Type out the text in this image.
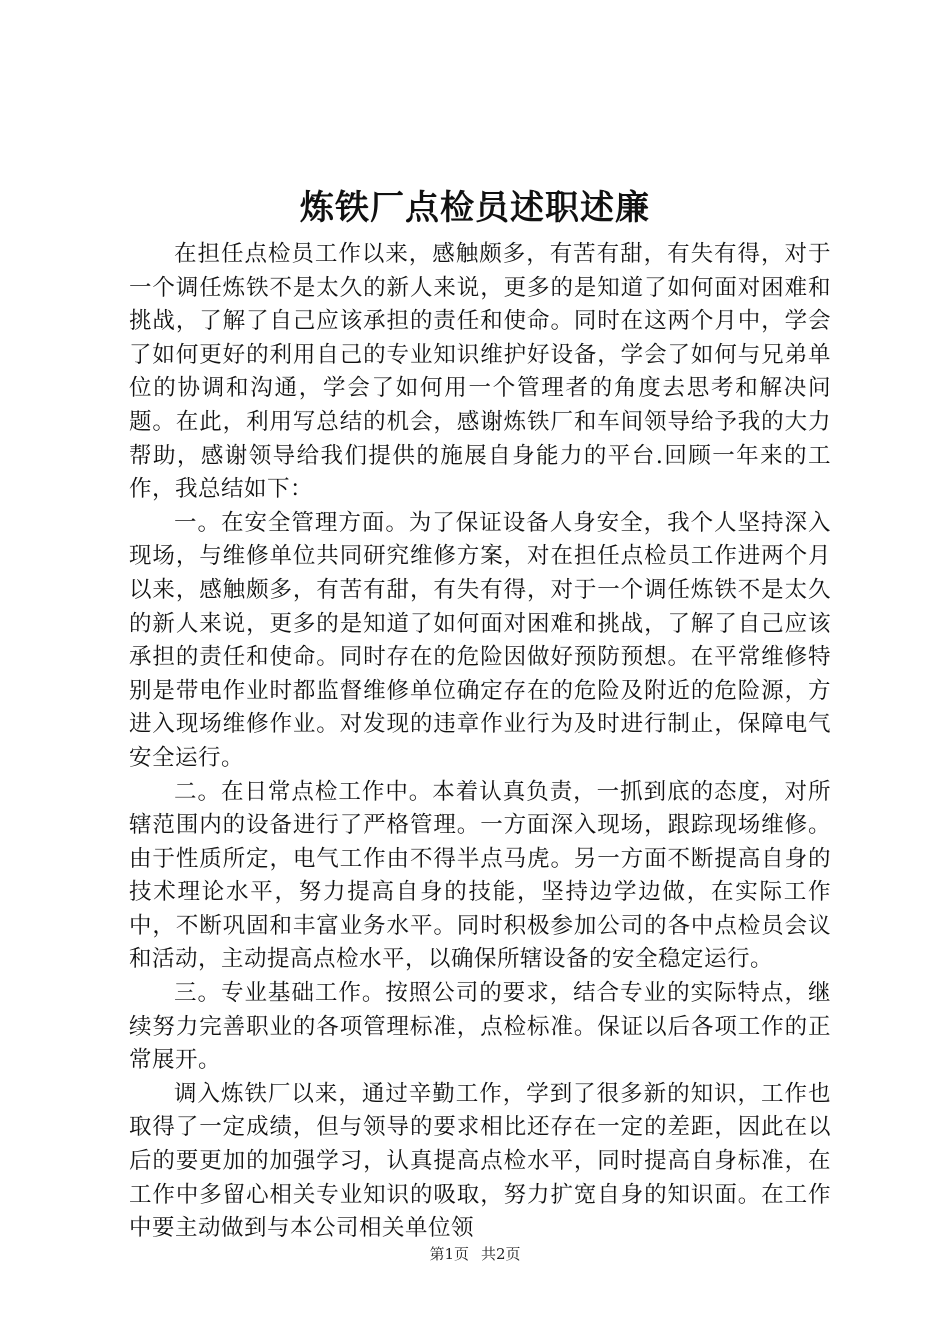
炼铁厂点检员述职述廉

在担任点检员工作以来，感触颇多，有苦有甜，有失有得，对于一个调任炼铁不是太久的新人来说，更多的是知道了如何面对困难和挑战，了解了自己应该承担的责任和使命。同时在这两个月中，学会了如何更好的利用自己的专业知识维护好设备，学会了如何与兄弟单位的协调和沟通，学会了如何用一个管理者的角度去思考和解决问题。在此，利用写总结的机会，感谢炼铁厂和车间领导给予我的大力帮助，感谢领导给我们提供的施展自身能力的平台.回顾一年来的工作，我总结如下：

一。在安全管理方面。为了保证设备人身安全，我个人坚持深入现场，与维修单位共同研究维修方案，对在担任点检员工作进两个月以来，感触颇多，有苦有甜，有失有得，对于一个调任炼铁不是太久的新人来说，更多的是知道了如何面对困难和挑战，了解了自己应该承担的责任和使命。同时存在的危险因做好预防预想。在平常维修特别是带电作业时都监督维修单位确定存在的危险及附近的危险源，方进入现场维修作业。对发现的违章作业行为及时进行制止，保障电气安全运行。

二。在日常点检工作中。本着认真负责，一抓到底的态度，对所辖范围内的设备进行了严格管理。一方面深入现场，跟踪现场维修。由于性质所定，电气工作由不得半点马虎。另一方面不断提高自身的技术理论水平，努力提高自身的技能，坚持边学边做，在实际工作中，不断巩固和丰富业务水平。同时积极参加公司的各中点检员会议和活动，主动提高点检水平，以确保所辖设备的安全稳定运行。

三。专业基础工作。按照公司的要求，结合专业的实际特点，继续努力完善职业的各项管理标准，点检标准。保证以后各项工作的正常展开。

调入炼铁厂以来，通过辛勤工作，学到了很多新的知识，工作也取得了一定成绩，但与领导的要求相比还存在一定的差距，因此在以后的要更加的加强学习，认真提高点检水平，同时提高自身标准，在工作中多留心相关专业知识的吸取，努力扩宽自身的知识面。在工作中要主动做到与本公司相关单位领

第1页 共2页
